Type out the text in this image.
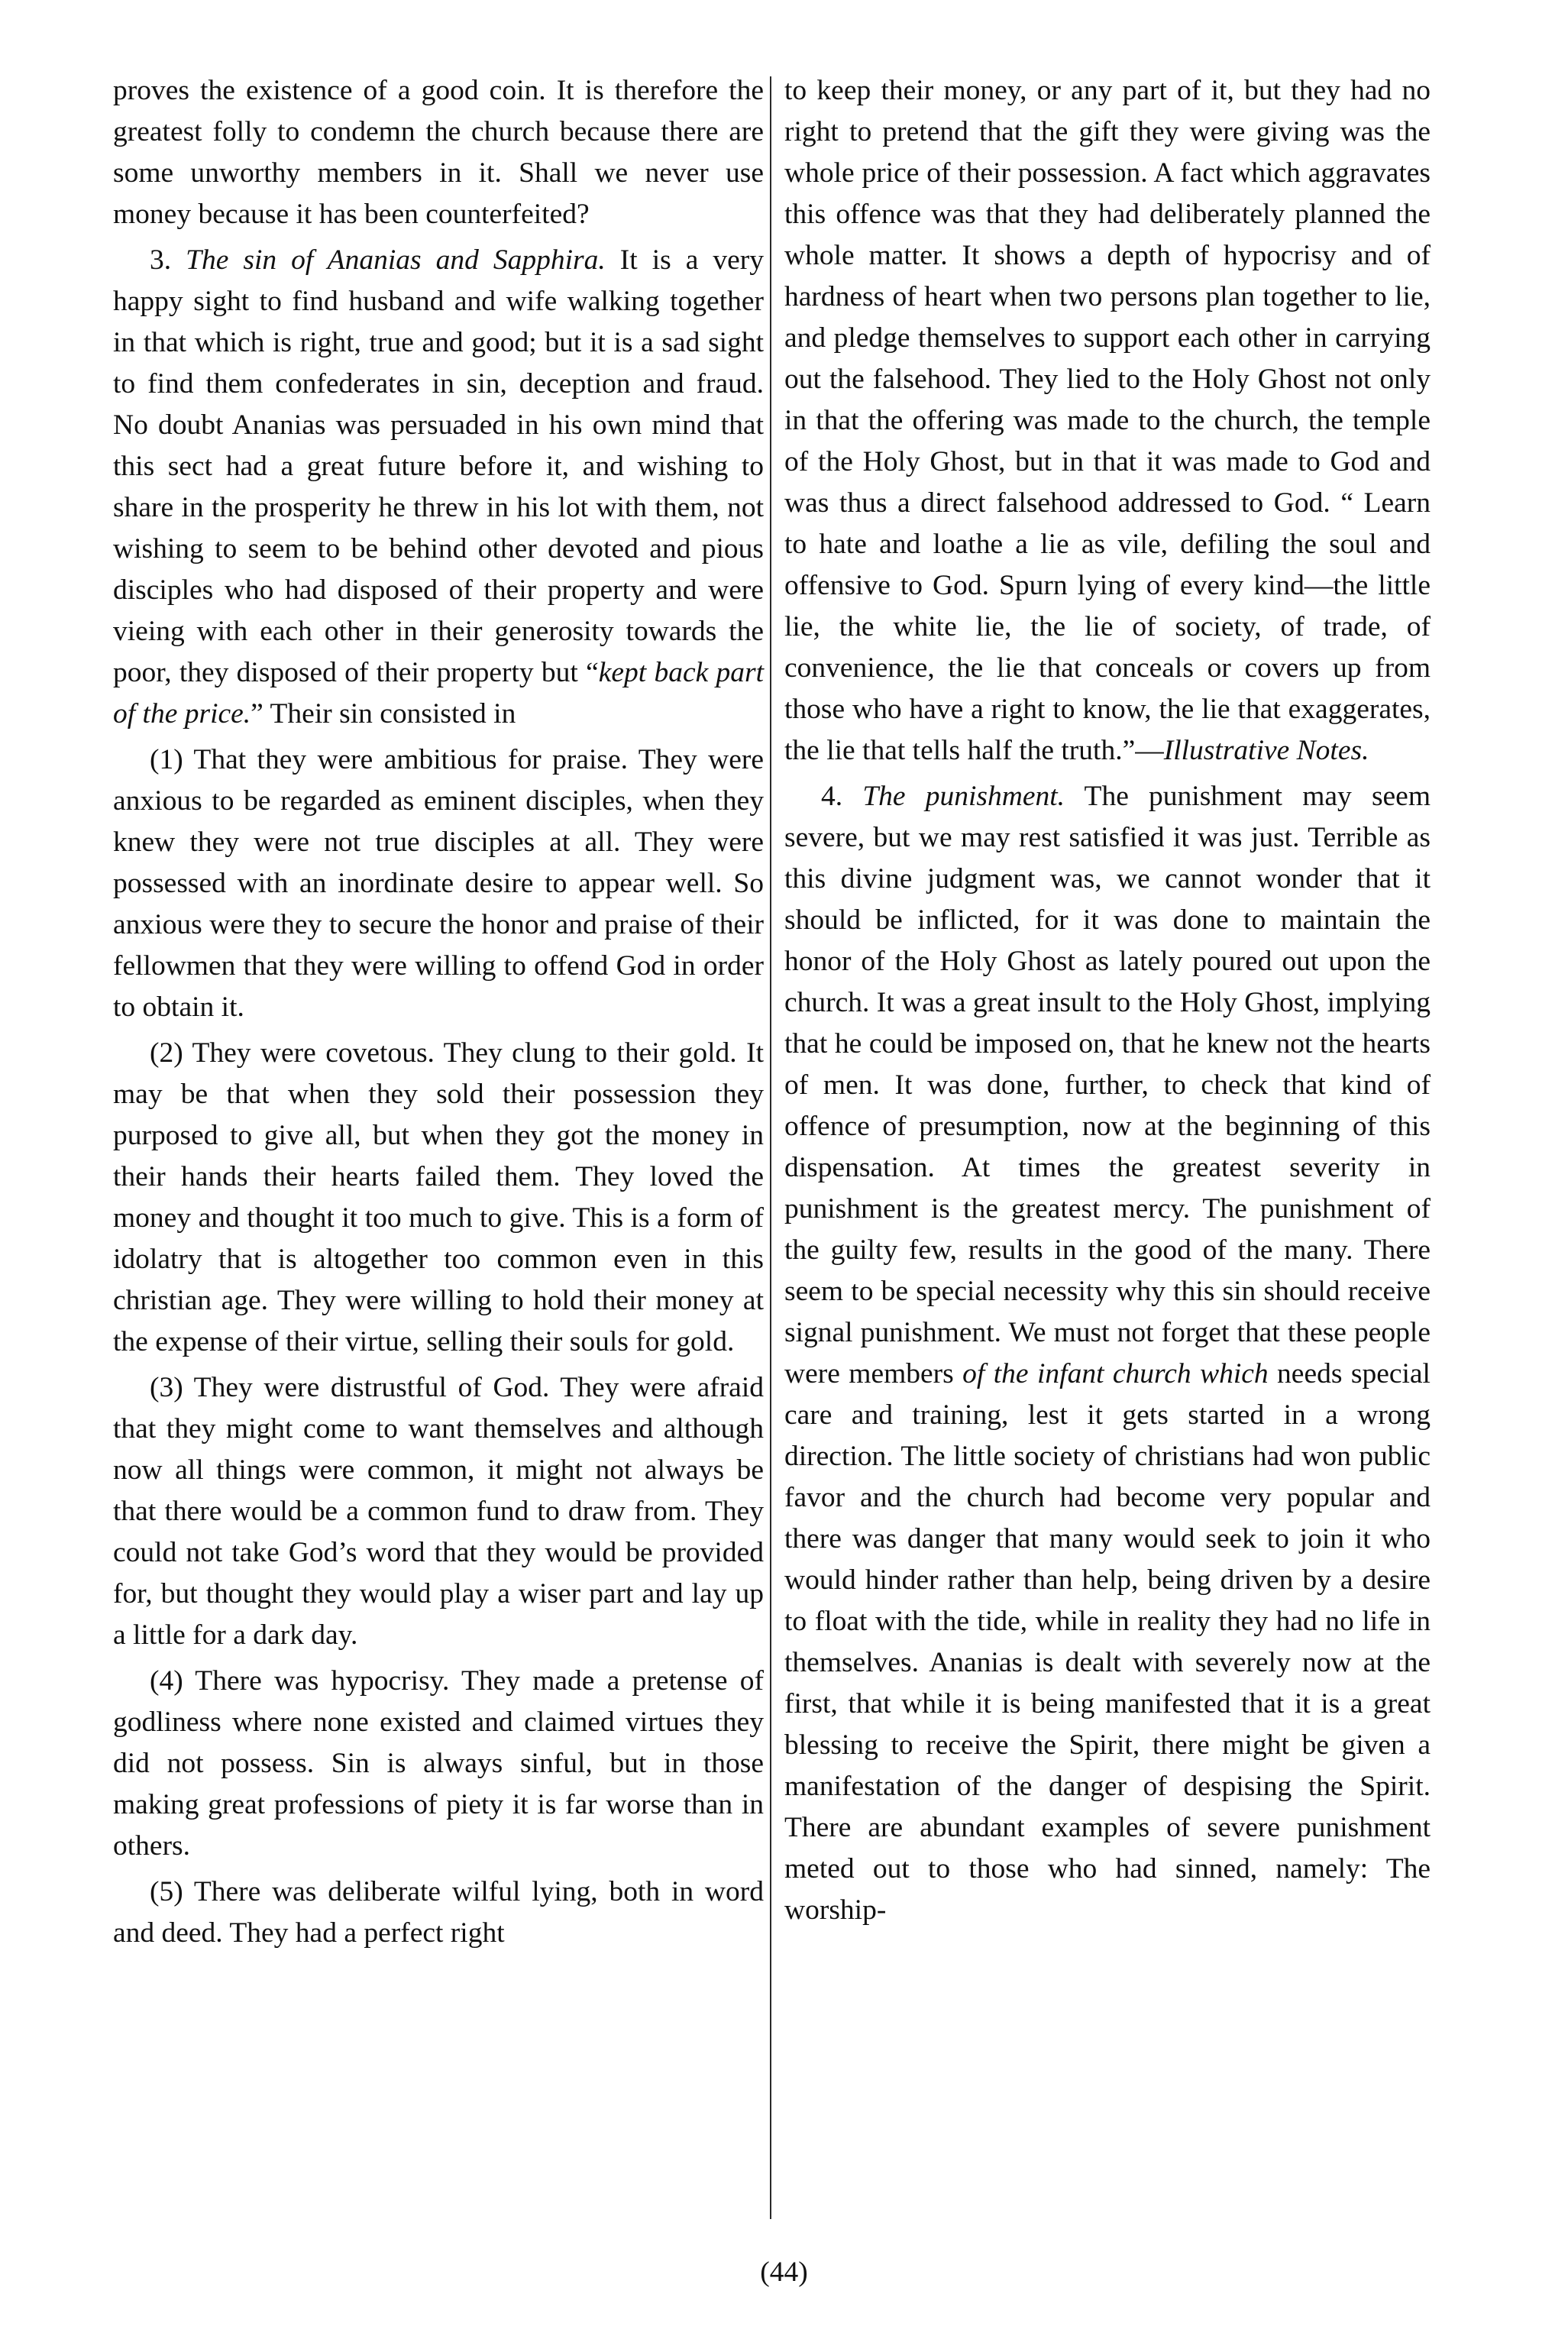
proves the existence of a good coin. It is therefore the greatest folly to condemn the church because there are some unworthy members in it. Shall we never use money because it has been counterfeited?

3. The sin of Ananias and Sapphira. It is a very happy sight to find husband and wife walking together in that which is right, true and good; but it is a sad sight to find them confederates in sin, deception and fraud. No doubt Ananias was persuaded in his own mind that this sect had a great future before it, and wishing to share in the prosperity he threw in his lot with them, not wishing to seem to be behind other devoted and pious disciples who had disposed of their property and were vieing with each other in their generosity towards the poor, they disposed of their property but “kept back part of the price.” Their sin consisted in

(1) That they were ambitious for praise. They were anxious to be regarded as eminent disciples, when they knew they were not true disciples at all. They were possessed with an inordinate desire to appear well. So anxious were they to secure the honor and praise of their fellowmen that they were willing to offend God in order to obtain it.

(2) They were covetous. They clung to their gold. It may be that when they sold their possession they purposed to give all, but when they got the money in their hands their hearts failed them. They loved the money and thought it too much to give. This is a form of idolatry that is altogether too common even in this christian age. They were willing to hold their money at the expense of their virtue, selling their souls for gold.

(3) They were distrustful of God. They were afraid that they might come to want themselves and although now all things were common, it might not always be that there would be a common fund to draw from. They could not take God’s word that they would be provided for, but thought they would play a wiser part and lay up a little for a dark day.

(4) There was hypocrisy. They made a pretense of godliness where none existed and claimed virtues they did not possess. Sin is always sinful, but in those making great professions of piety it is far worse than in others.

(5) There was deliberate wilful lying, both in word and deed. They had a perfect right

to keep their money, or any part of it, but they had no right to pretend that the gift they were giving was the whole price of their possession. A fact which aggravates this offence was that they had deliberately planned the whole matter. It shows a depth of hypocrisy and of hardness of heart when two persons plan together to lie, and pledge themselves to support each other in carrying out the falsehood. They lied to the Holy Ghost not only in that the offering was made to the church, the temple of the Holy Ghost, but in that it was made to God and was thus a direct falsehood addressed to God. “ Learn to hate and loathe a lie as vile, defiling the soul and offensive to God. Spurn lying of every kind—the little lie, the white lie, the lie of society, of trade, of convenience, the lie that conceals or covers up from those who have a right to know, the lie that exaggerates, the lie that tells half the truth.”—Illustrative Notes.

4. The punishment. The punishment may seem severe, but we may rest satisfied it was just. Terrible as this divine judgment was, we cannot wonder that it should be inflicted, for it was done to maintain the honor of the Holy Ghost as lately poured out upon the church. It was a great insult to the Holy Ghost, implying that he could be imposed on, that he knew not the hearts of men. It was done, further, to check that kind of offence of presumption, now at the beginning of this dispensation. At times the greatest severity in punishment is the greatest mercy. The punishment of the guilty few, results in the good of the many. There seem to be special necessity why this sin should receive signal punishment. We must not forget that these people were members of the infant church which needs special care and training, lest it gets started in a wrong direction. The little society of christians had won public favor and the church had become very popular and there was danger that many would seek to join it who would hinder rather than help, being driven by a desire to float with the tide, while in reality they had no life in themselves. Ananias is dealt with severely now at the first, that while it is being manifested that it is a great blessing to receive the Spirit, there might be given a manifestation of the danger of despising the Spirit. There are abundant examples of severe punishment meted out to those who had sinned, namely: The worship-

(44)
